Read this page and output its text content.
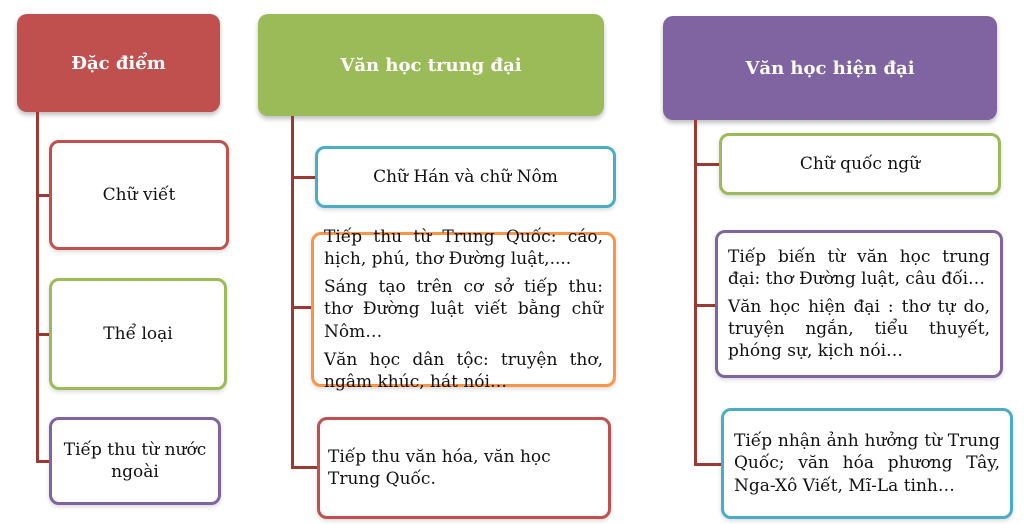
Đặc điểm
Chữ viết
Thể loại
Tiếp thu từ nước ngoài
Văn học trung đại
Chữ Hán và chữ Nôm

Tiếp thu từ Trung Quốc: cáo, hịch, phú, thơ Đường luật,....

Sáng tạo trên cơ sở tiếp thu: thơ Đường luật viết bằng chữ Nôm…

Văn học dân tộc: truyện thơ, ngâm khúc, hát nói…

Tiếp thu văn hóa, văn học Trung Quốc.
Văn học hiện đại
Chữ quốc ngữ

Tiếp biến từ văn học trung đại: thơ Đường luật, câu đối…

Văn học hiện đại : thơ tự do, truyện ngắn, tiểu thuyết, phóng sự, kịch nói…

Tiếp nhận ảnh hưởng từ Trung Quốc; văn hóa phương Tây, Nga-Xô Viết, Mĩ-La tinh…
